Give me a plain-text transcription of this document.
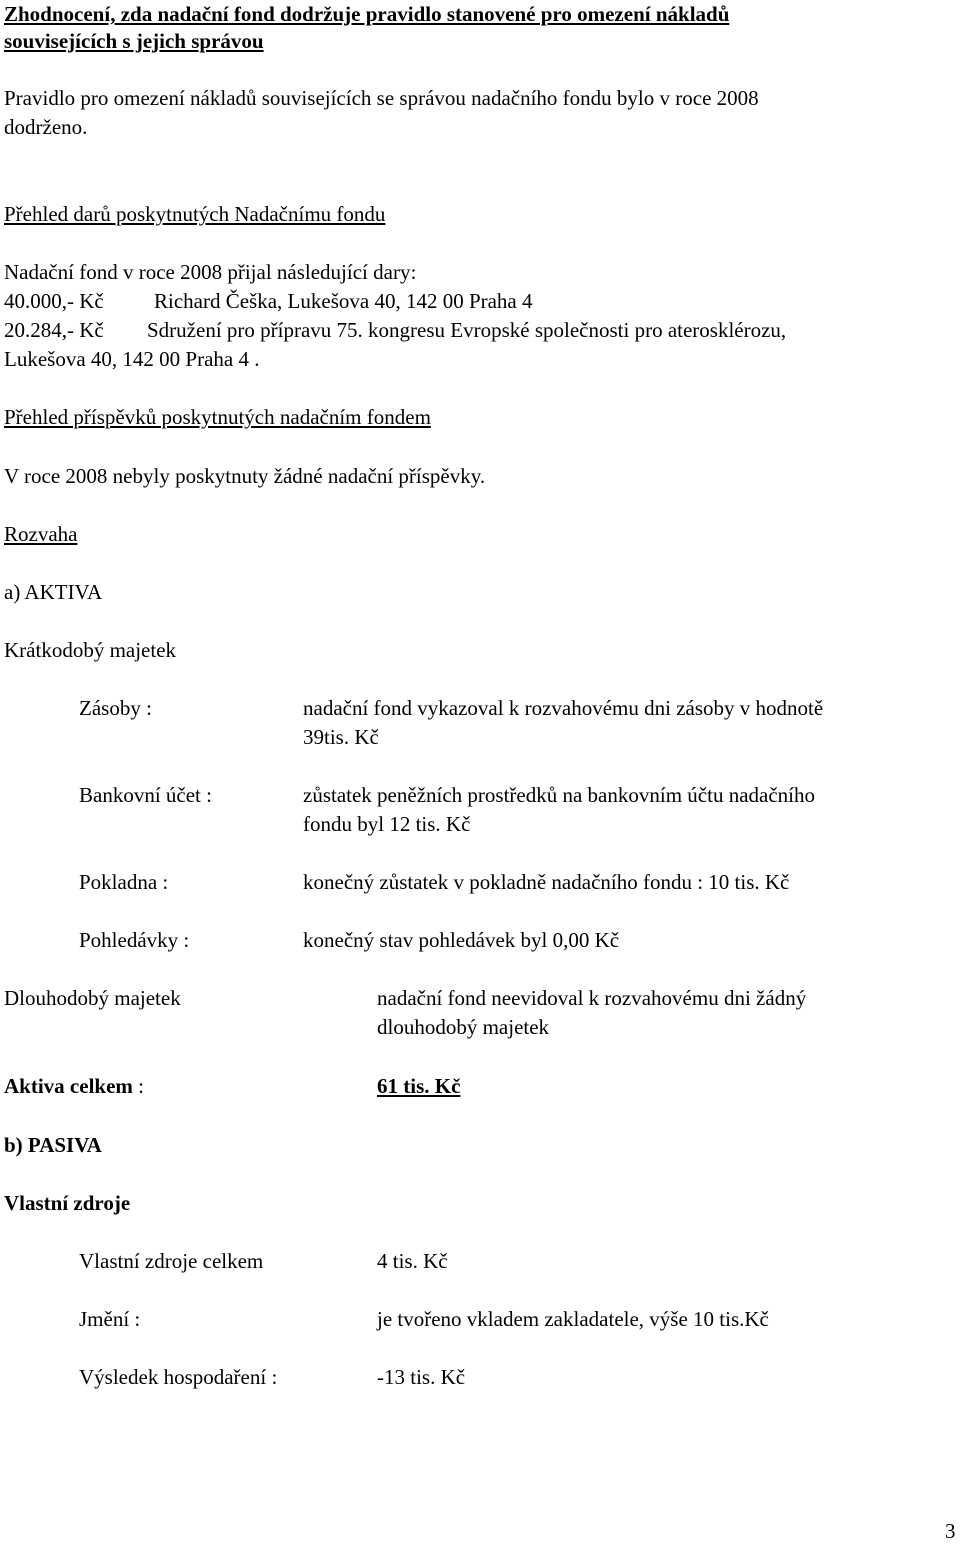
Zhodnocení, zda nadační fond dodržuje pravidlo stanovené pro omezení nákladů
souvisejících s jejich správou
Pravidlo pro omezení nákladů souvisejících se správou nadačního fondu bylo v roce 2008
dodrženo.
Přehled darů poskytnutých Nadačnímu fondu
Nadační fond v roce 2008 přijal následující dary:
40.000,- Kč Richard Češka, Lukešova 40, 142 00 Praha 4
20.284,- Kč Sdružení pro přípravu 75. kongresu Evropské společnosti pro aterosklérozu,
Lukešova 40, 142 00 Praha 4 .
Přehled příspěvků poskytnutých nadačním fondem
V roce 2008 nebyly poskytnuty žádné nadační příspěvky.
Rozvaha
a) AKTIVA
Krátkodobý majetek
Zásoby :	nadační fond vykazoval k rozvahovému dni zásoby v hodnotě
39tis. Kč
Bankovní účet :	zůstatek peněžních prostředků na bankovním účtu nadačního
fondu byl 12 tis. Kč
Pokladna :	konečný zůstatek v pokladně nadačního fondu : 10 tis. Kč
Pohledávky :	konečný stav pohledávek byl 0,00 Kč
Dlouhodobý majetek	nadační fond neevidoval k rozvahovému dni žádný
dlouhodobý majetek
Aktiva celkem :	61 tis. Kč
b) PASIVA
Vlastní zdroje
Vlastní zdroje celkem	4 tis. Kč
Jmění :	je tvořeno vkladem zakladatele, výše 10 tis.Kč
Výsledek hospodaření :	-13 tis. Kč
3
